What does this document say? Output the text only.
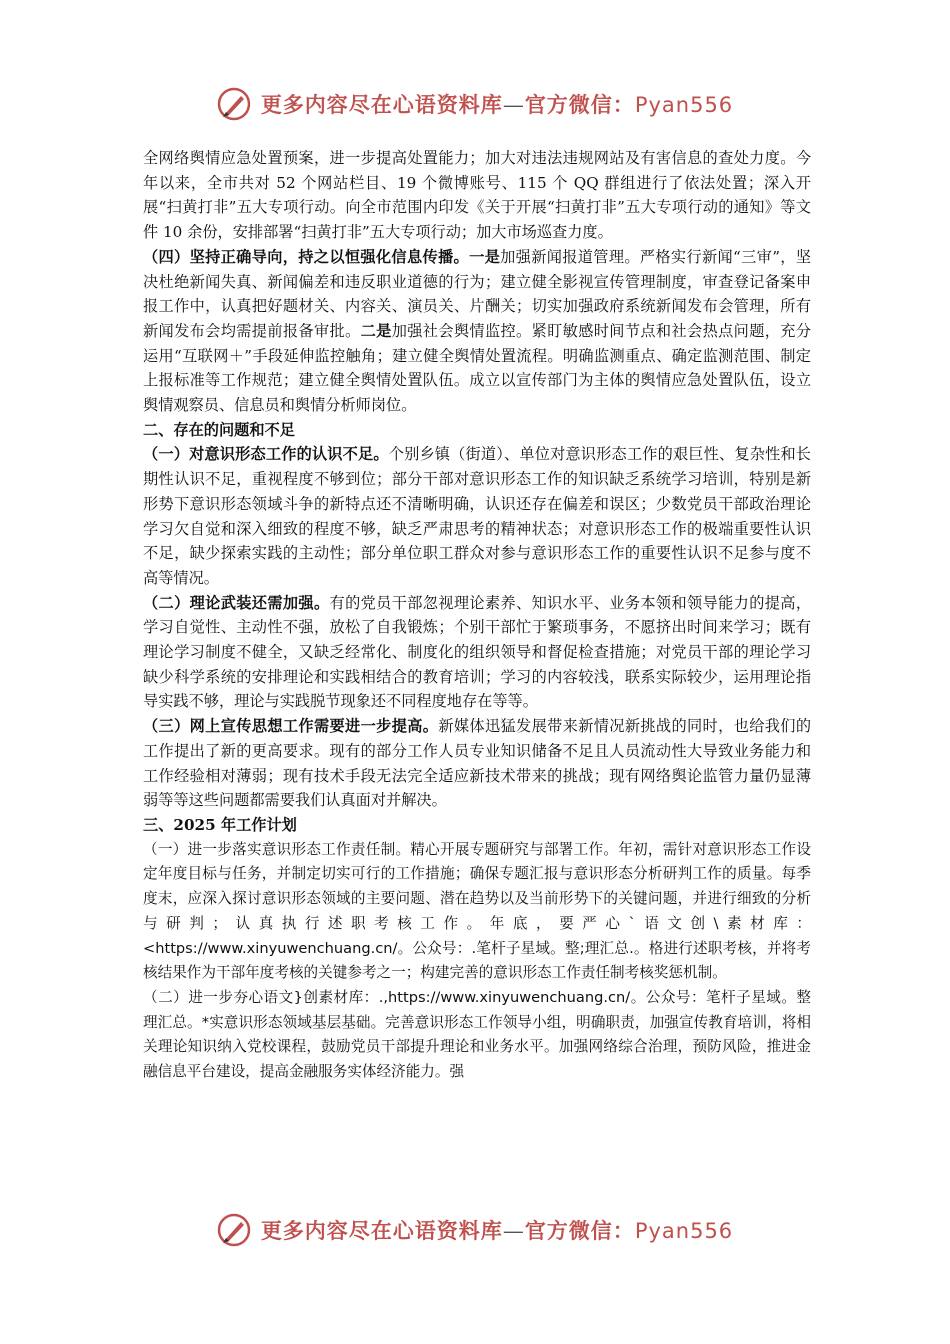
更多内容尽在心语资料库—官方微信：Pyan556

全网络舆情应急处置预案，进一步提高处置能力；加大对违法违规网站及有害信息的查处力度。今年以来，全市共对 52 个网站栏目、19 个微博账号、115 个 QQ 群组进行了依法处置；深入开展“扫黄打非”五大专项行动。向全市范围内印发《关于开展“扫黄打非”五大专项行动的通知》等文件 10 余份，安排部署“扫黄打非”五大专项行动；加大市场巡查力度。

（四）坚持正确导向，持之以恒强化信息传播。一是加强新闻报道管理。严格实行新闻“三审”，坚决杜绝新闻失真、新闻偏差和违反职业道德的行为；建立健全影视宣传管理制度，审查登记备案申报工作中，认真把好题材关、内容关、演员关、片酬关；切实加强政府系统新闻发布会管理，所有新闻发布会均需提前报备审批。二是加强社会舆情监控。紧盯敏感时间节点和社会热点问题，充分运用“互联网＋”手段延伸监控触角；建立健全舆情处置流程。明确监测重点、确定监测范围、制定上报标准等工作规范；建立健全舆情处置队伍。成立以宣传部门为主体的舆情应急处置队伍，设立舆情观察员、信息员和舆情分析师岗位。

二、存在的问题和不足

（一）对意识形态工作的认识不足。个别乡镇（街道）、单位对意识形态工作的艰巨性、复杂性和长期性认识不足，重视程度不够到位；部分干部对意识形态工作的知识缺乏系统学习培训，特别是新形势下意识形态领域斗争的新特点还不清晰明确，认识还存在偏差和误区；少数党员干部政治理论学习欠自觉和深入细致的程度不够，缺乏严肃思考的精神状态；对意识形态工作的极端重要性认识不足，缺少探索实践的主动性；部分单位职工群众对参与意识形态工作的重要性认识不足参与度不高等情况。

（二）理论武装还需加强。有的党员干部忽视理论素养、知识水平、业务本领和领导能力的提高，学习自觉性、主动性不强，放松了自我锻炼；个别干部忙于繁琐事务，不愿挤出时间来学习；既有理论学习制度不健全，又缺乏经常化、制度化的组织领导和督促检查措施；对党员干部的理论学习缺少科学系统的安排理论和实践相结合的教育培训；学习的内容较浅，联系实际较少，运用理论指导实践不够，理论与实践脱节现象还不同程度地存在等等。

（三）网上宣传思想工作需要进一步提高。新媒体迅猛发展带来新情况新挑战的同时，也给我们的工作提出了新的更高要求。现有的部分工作人员专业知识储备不足且人员流动性大导致业务能力和工作经验相对薄弱；现有技术手段无法完全适应新技术带来的挑战；现有网络舆论监管力量仍显薄弱等等这些问题都需要我们认真面对并解决。

三、2025 年工作计划

（一）进一步落实意识形态工作责任制。精心开展专题研究与部署工作。年初，需针对意识形态工作设定年度目标与任务，并制定切实可行的工作措施；确保专题汇报与意识形态分析研判工作的质量。每季度末，应深入探讨意识形态领域的主要问题、潜在趋势以及当前形势下的关键问题，并进行细致的分析与研判；认真执行述职考核工作。年底，要严心`语文创\素材库：<https://www.xinyuwenchuang.cn/。公众号：.笔杆子星域。整;理汇总.。格进行述职考核，并将考核结果作为干部年度考核的关键参考之一；构建完善的意识形态工作责任制考核奖惩机制。

（二）进一步夯心语文}创素材库：.,https://www.xinyuwenchuang.cn/。公众号：笔杆子星域。整理汇总。*实意识形态领域基层基础。完善意识形态工作领导小组，明确职责，加强宣传教育培训，将相关理论知识纳入党校课程，鼓励党员干部提升理论和业务水平。加强网络综合治理，预防风险，推进金融信息平台建设，提高金融服务实体经济能力。强

更多内容尽在心语资料库—官方微信：Pyan556
